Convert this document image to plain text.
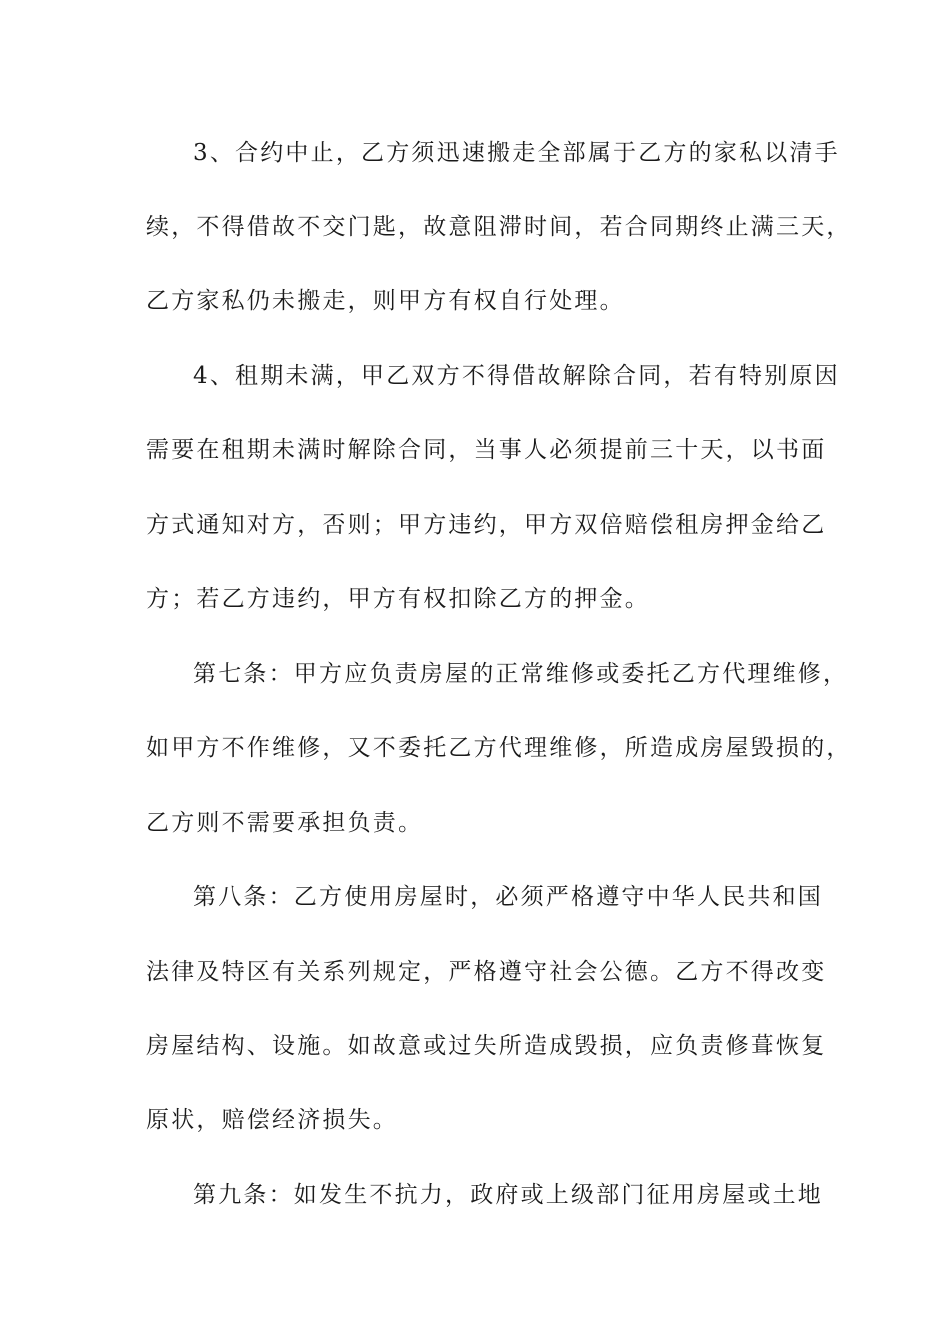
3、合约中止，乙方须迅速搬走全部属于乙方的家私以清手
续，不得借故不交门匙，故意阻滞时间，若合同期终止满三天，
乙方家私仍未搬走，则甲方有权自行处理。
4、租期未满，甲乙双方不得借故解除合同，若有特别原因
需要在租期未满时解除合同，当事人必须提前三十天，以书面
方式通知对方，否则；甲方违约，甲方双倍赔偿租房押金给乙
方；若乙方违约，甲方有权扣除乙方的押金。
第七条：甲方应负责房屋的正常维修或委托乙方代理维修，
如甲方不作维修，又不委托乙方代理维修，所造成房屋毁损的，
乙方则不需要承担负责。
第八条：乙方使用房屋时，必须严格遵守中华人民共和国
法律及特区有关系列规定，严格遵守社会公德。乙方不得改变
房屋结构、设施。如故意或过失所造成毁损，应负责修葺恢复
原状，赔偿经济损失。
第九条：如发生不抗力，政府或上级部门征用房屋或土地
